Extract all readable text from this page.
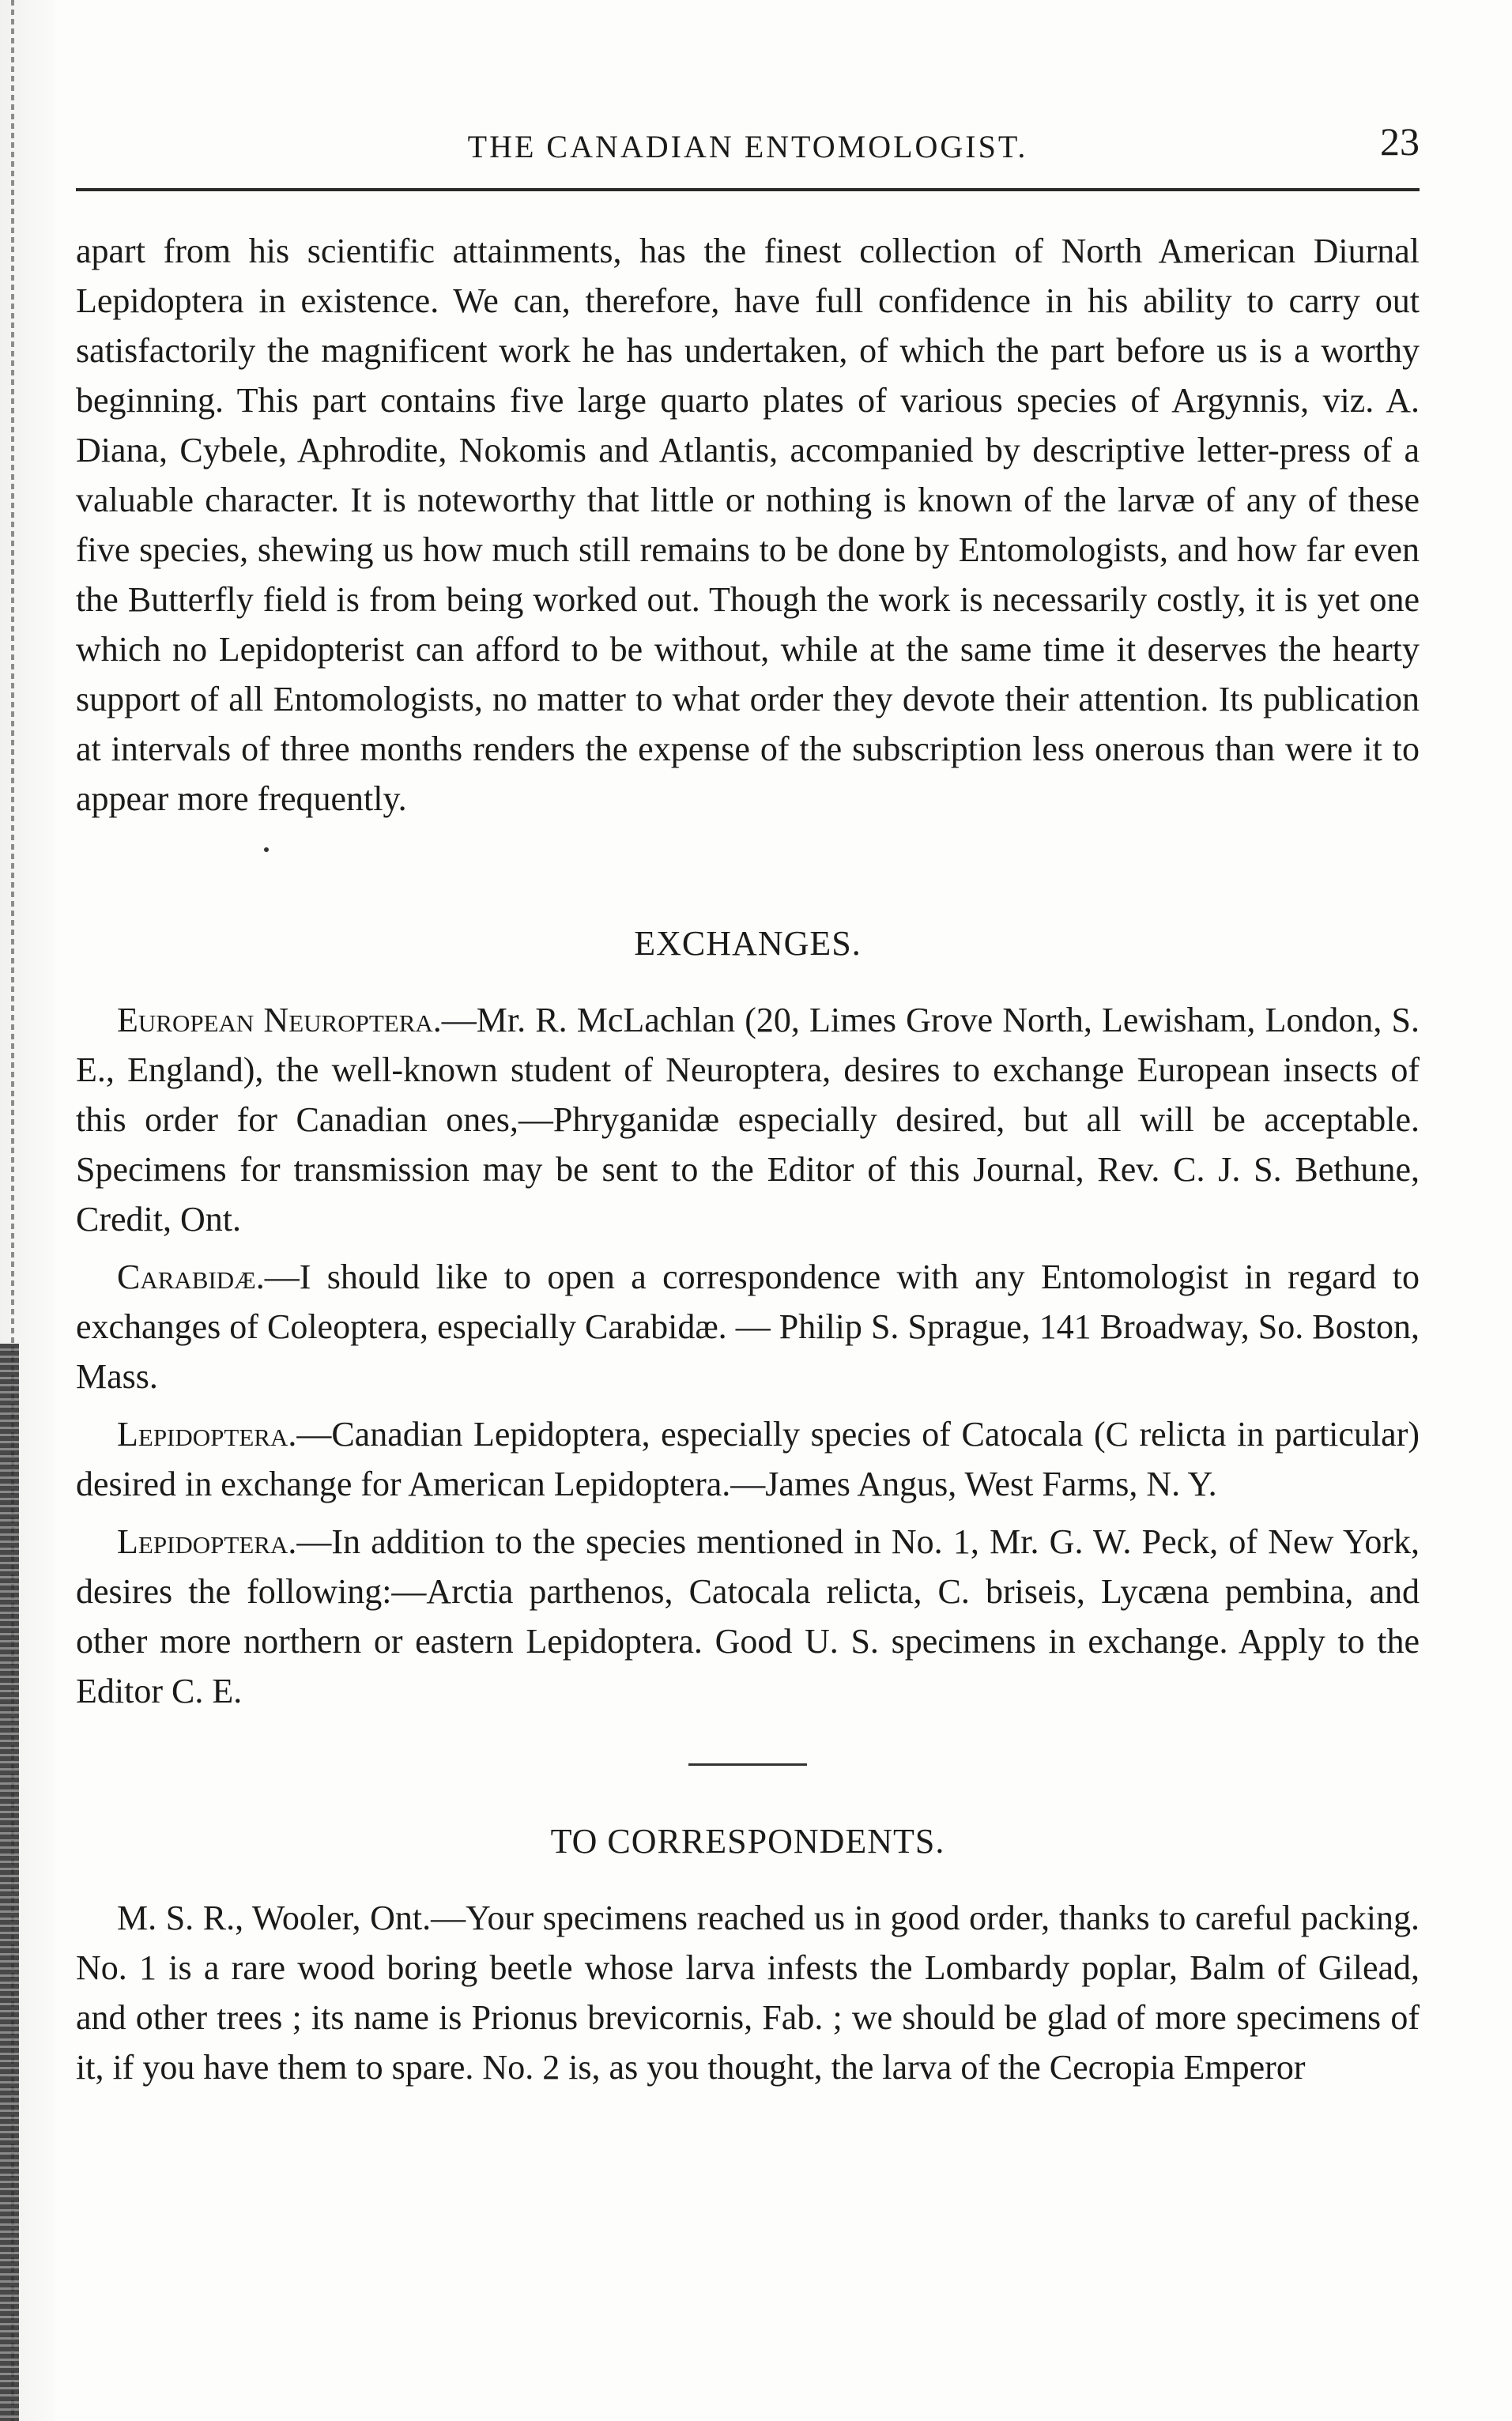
THE CANADIAN ENTOMOLOGIST.	23

apart from his scientific attainments, has the finest collection of North American Diurnal Lepidoptera in existence. We can, therefore, have full confidence in his ability to carry out satisfactorily the magnificent work he has undertaken, of which the part before us is a worthy beginning. This part contains five large quarto plates of various species of Argynnis, viz. A. Diana, Cybele, Aphrodite, Nokomis and Atlantis, accompanied by descriptive letter-press of a valuable character. It is noteworthy that little or nothing is known of the larvæ of any of these five species, shewing us how much still remains to be done by Entomologists, and how far even the Butterfly field is from being worked out. Though the work is necessarily costly, it is yet one which no Lepidopterist can afford to be without, while at the same time it deserves the hearty support of all Entomologists, no matter to what order they devote their attention. Its publication at intervals of three months renders the expense of the subscription less onerous than were it to appear more frequently.

EXCHANGES.

European Neuroptera.—Mr. R. McLachlan (20, Limes Grove North, Lewisham, London, S. E., England), the well-known student of Neuroptera, desires to exchange European insects of this order for Canadian ones,—Phryganidæ especially desired, but all will be acceptable. Specimens for transmission may be sent to the Editor of this Journal, Rev. C. J. S. Bethune, Credit, Ont.

Carabidæ.—I should like to open a correspondence with any Entomologist in regard to exchanges of Coleoptera, especially Carabidæ. — Philip S. Sprague, 141 Broadway, So. Boston, Mass.

Lepidoptera.—Canadian Lepidoptera, especially species of Catocala (C relicta in particular) desired in exchange for American Lepidoptera.—James Angus, West Farms, N. Y.

Lepidoptera.—In addition to the species mentioned in No. 1, Mr. G. W. Peck, of New York, desires the following:—Arctia parthenos, Catocala relicta, C. briseis, Lycæna pembina, and other more northern or eastern Lepidoptera. Good U. S. specimens in exchange. Apply to the Editor C. E.

TO CORRESPONDENTS.

M. S. R., Wooler, Ont.—Your specimens reached us in good order, thanks to careful packing. No. 1 is a rare wood boring beetle whose larva infests the Lombardy poplar, Balm of Gilead, and other trees ; its name is Prionus brevicornis, Fab. ; we should be glad of more specimens of it, if you have them to spare. No. 2 is, as you thought, the larva of the Cecropia Emperor
